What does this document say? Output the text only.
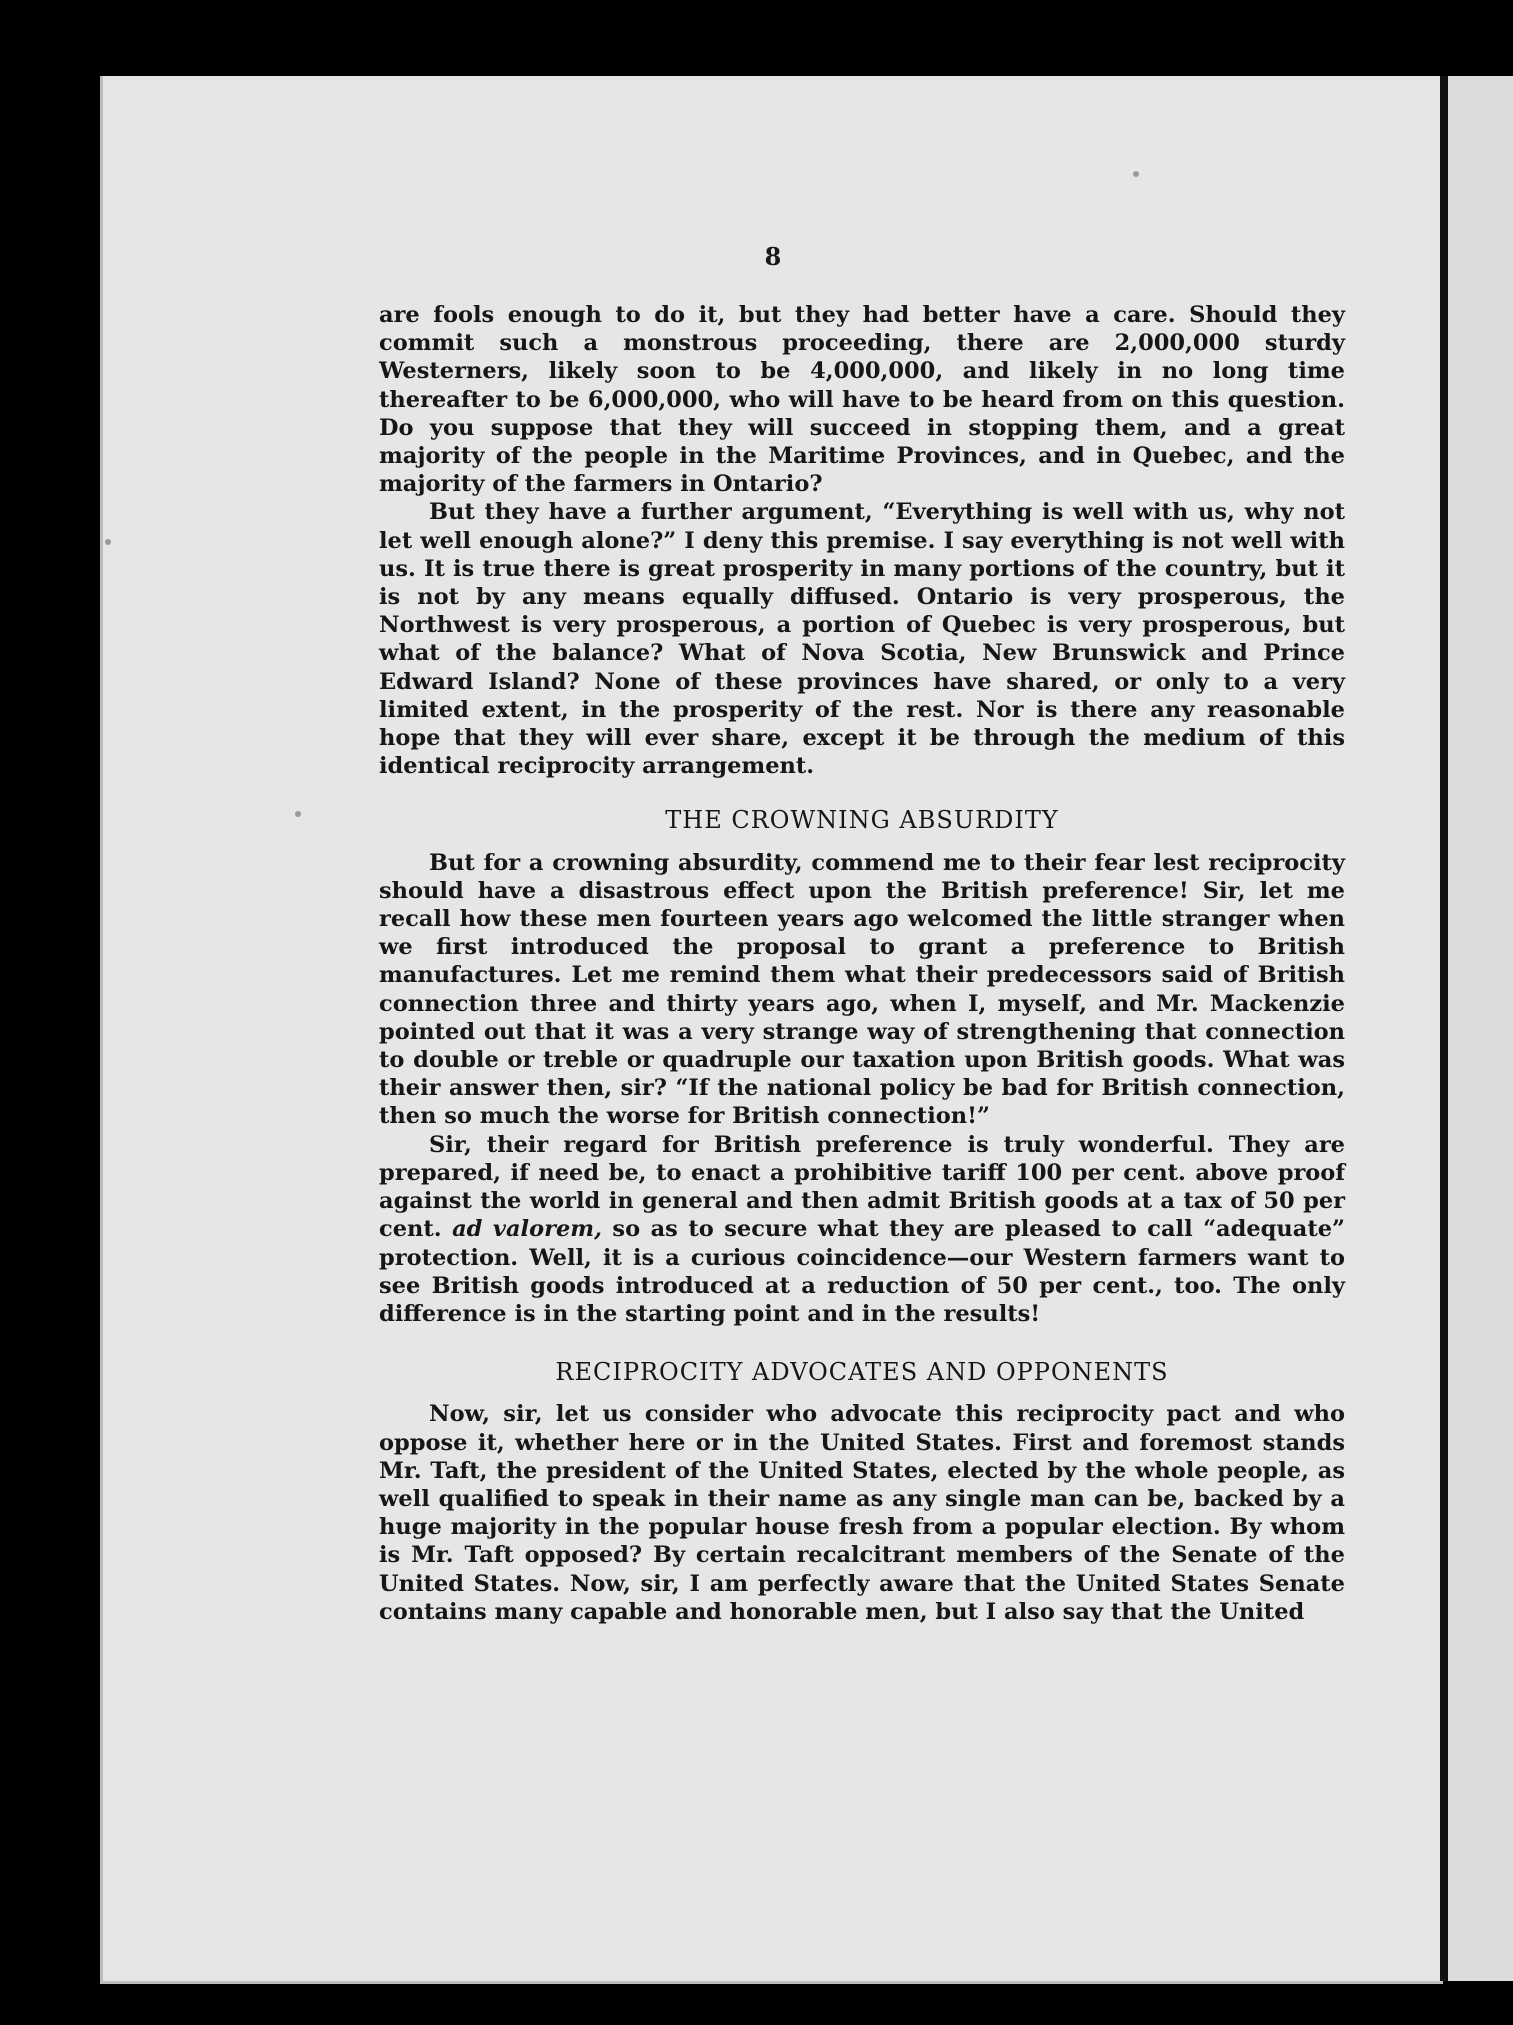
8

are fools enough to do it, but they had better have a care. Should they commit such a monstrous proceeding, there are 2,000,000 sturdy Westerners, likely soon to be 4,000,000, and likely in no long time thereafter to be 6,000,000, who will have to be heard from on this question. Do you suppose that they will succeed in stopping them, and a great majority of the people in the Maritime Provinces, and in Quebec, and the majority of the farmers in Ontario?

But they have a further argument, “Everything is well with us, why not let well enough alone?” I deny this premise. I say everything is not well with us. It is true there is great prosperity in many portions of the country, but it is not by any means equally diffused. Ontario is very prosperous, the Northwest is very prosperous, a portion of Quebec is very prosperous, but what of the balance? What of Nova Scotia, New Brunswick and Prince Edward Island? None of these provinces have shared, or only to a very limited extent, in the prosperity of the rest. Nor is there any reasonable hope that they will ever share, except it be through the medium of this identical reciprocity arrangement.

THE CROWNING ABSURDITY

But for a crowning absurdity, commend me to their fear lest reciprocity should have a disastrous effect upon the British preference! Sir, let me recall how these men fourteen years ago welcomed the little stranger when we first introduced the proposal to grant a preference to British manufactures. Let me remind them what their predecessors said of British connection three and thirty years ago, when I, myself, and Mr. Mackenzie pointed out that it was a very strange way of strengthening that connection to double or treble or quadruple our taxation upon British goods. What was their answer then, sir? “If the national policy be bad for British connection, then so much the worse for British connection!”

Sir, their regard for British preference is truly wonderful. They are prepared, if need be, to enact a prohibitive tariff 100 per cent. above proof against the world in general and then admit British goods at a tax of 50 per cent. ad valorem, so as to secure what they are pleased to call “adequate” protection. Well, it is a curious coincidence—our Western farmers want to see British goods introduced at a reduction of 50 per cent., too. The only difference is in the starting point and in the results!

RECIPROCITY ADVOCATES AND OPPONENTS

Now, sir, let us consider who advocate this reciprocity pact and who oppose it, whether here or in the United States. First and foremost stands Mr. Taft, the president of the United States, elected by the whole people, as well qualified to speak in their name as any single man can be, backed by a huge majority in the popular house fresh from a popular election. By whom is Mr. Taft opposed? By certain recalcitrant members of the Senate of the United States. Now, sir, I am perfectly aware that the United States Senate contains many capable and honorable men, but I also say that the United
